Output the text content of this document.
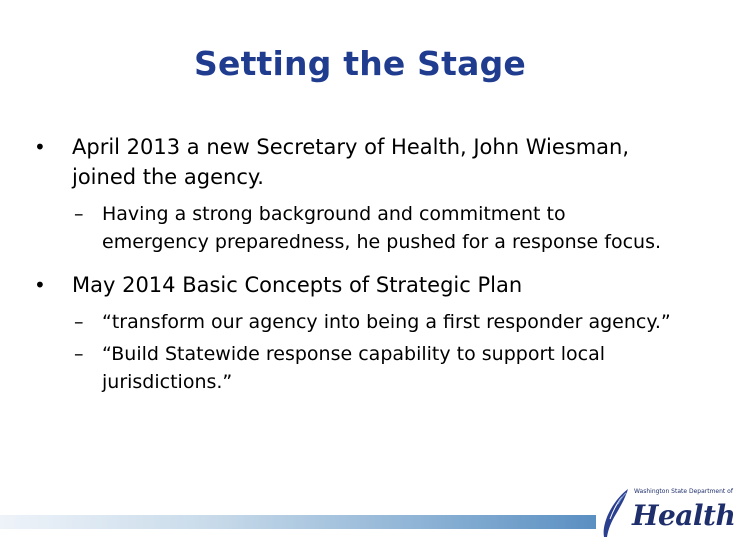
Setting the Stage
• April 2013 a new Secretary of Health, John Wiesman, joined the agency.
– Having a strong background and commitment to emergency preparedness, he pushed for a response focus.
• May 2014 Basic Concepts of Strategic Plan
– “transform our agency into being a first responder agency.”
– “Build Statewide response capability to support local jurisdictions.”
Washington State Department of
Health
